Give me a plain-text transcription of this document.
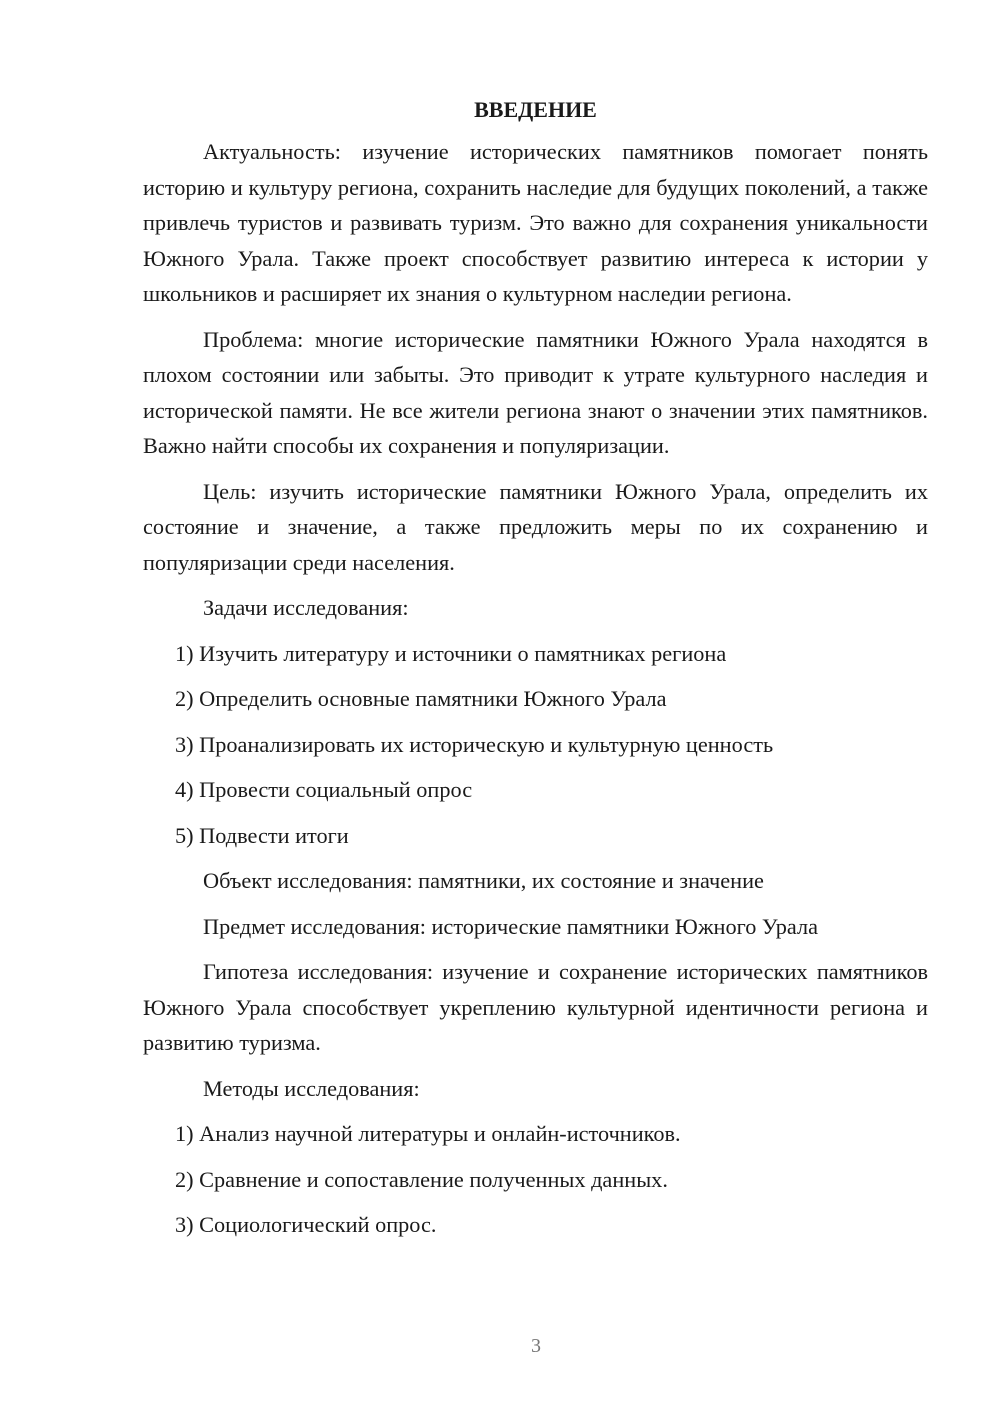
ВВЕДЕНИЕ

Актуальность: изучение исторических памятников помогает понять историю и культуру региона, сохранить наследие для будущих поколений, а также привлечь туристов и развивать туризм. Это важно для сохранения уникальности Южного Урала. Также проект способствует развитию интереса к истории у школьников и расширяет их знания о культурном наследии региона.

Проблема: многие исторические памятники Южного Урала находятся в плохом состоянии или забыты. Это приводит к утрате культурного наследия и исторической памяти. Не все жители региона знают о значении этих памятников. Важно найти способы их сохранения и популяризации.

Цель: изучить исторические памятники Южного Урала, определить их состояние и значение, а также предложить меры по их сохранению и популяризации среди населения.

Задачи исследования:
1) Изучить литературу и источники о памятниках региона
2) Определить основные памятники Южного Урала
3) Проанализировать их историческую и культурную ценность
4) Провести социальный опрос
5) Подвести итоги
Объект исследования: памятники, их состояние и значение
Предмет исследования: исторические памятники Южного Урала

Гипотеза исследования: изучение и сохранение исторических памятников Южного Урала способствует укреплению культурной идентичности региона и развитию туризма.

Методы исследования:
1) Анализ научной литературы и онлайн-источников.
2) Сравнение и сопоставление полученных данных.
3) Социологический опрос.
3
